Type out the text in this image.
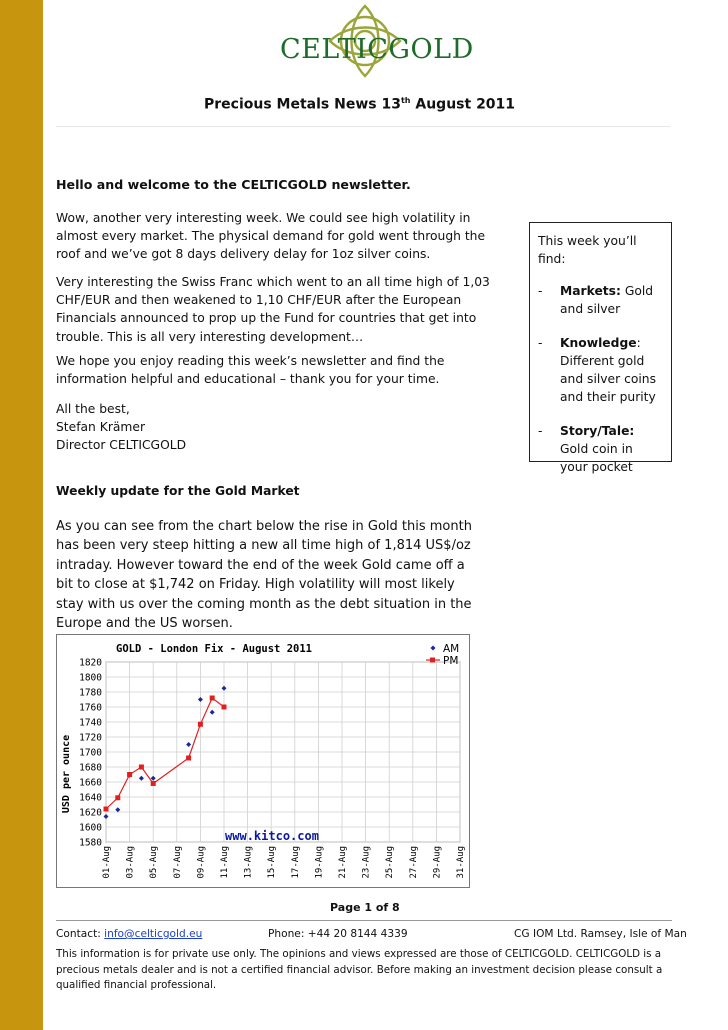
CELTICGOLD
Precious Metals News 13th August 2011
Hello and welcome to the CELTICGOLD newsletter.
Wow, another very interesting week. We could see high volatility in almost every market. The physical demand for gold went through the roof and we’ve got 8 days delivery delay for 1oz silver coins.
Very interesting the Swiss Franc which went to an all time high of 1,03 CHF/EUR and then weakened to 1,10 CHF/EUR after the European Financials announced to prop up the Fund for countries that get into trouble. This is all very interesting development…
We hope you enjoy reading this week’s newsletter and find the information helpful and educational – thank you for your time.
All the best,
Stefan Krämer
Director CELTICGOLD
This week you’ll find:
-	Markets: Gold and silver
-	Knowledge: Different gold and silver coins and their purity
-	Story/Tale: Gold coin in your pocket
Weekly update for the Gold Market
As you can see from the chart below the rise in Gold this month has been very steep hitting a new all time high of 1,814 US$/oz intraday. However toward the end of the week Gold came off a bit to close at $1,742 on Friday. High volatility will most likely stay with us over the coming month as the debt situation in the Europe and the US worsen.
GOLD - London Fix - August 2011
USD per ounce
1580
1600
1620
1640
1660
1680
1700
1720
1740
1760
1780
1800
1820
01-Aug 03-Aug 05-Aug 07-Aug 09-Aug 11-Aug 13-Aug 15-Aug 17-Aug 19-Aug 21-Aug 23-Aug 25-Aug 27-Aug 29-Aug 31-Aug
www.kitco.com
AM
PM
Page 1 of 8
Contact: info@celticgold.eu	Phone: +44 20 8144 4339	CG IOM Ltd. Ramsey, Isle of Man
This information is for private use only. The opinions and views expressed are those of CELTICGOLD. CELTICGOLD is a precious metals dealer and is not a certified financial advisor. Before making an investment decision please consult a qualified financial professional.
